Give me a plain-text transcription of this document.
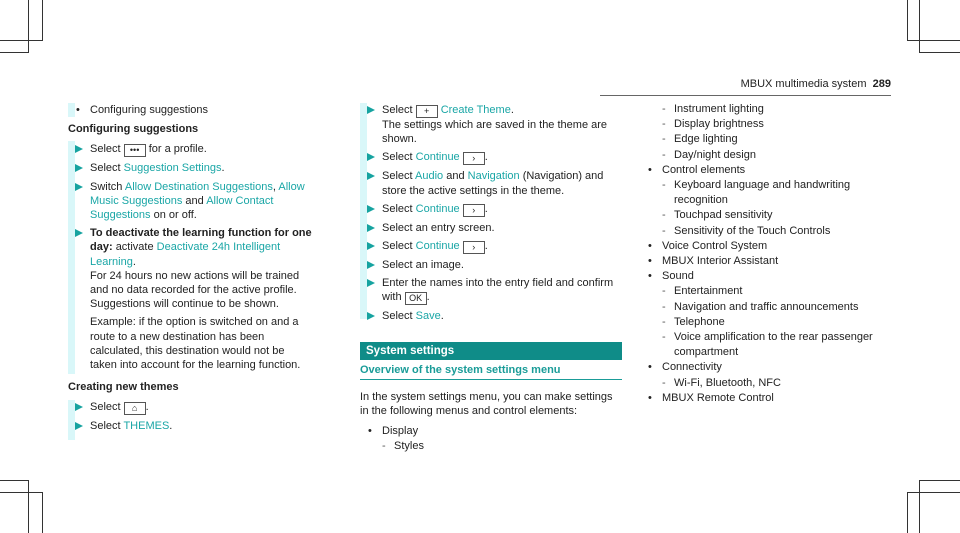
MBUX multimedia system 289
• Configuring suggestions
Configuring suggestions
Select ••• for a profile.
Select Suggestion Settings.
Switch Allow Destination Suggestions, Allow Music Suggestions and Allow Contact Suggestions on or off.
To deactivate the learning function for one day: activate Deactivate 24h Intelligent Learning.

For 24 hours no new actions will be trained and no data recorded for the active profile. Suggestions will continue to be shown.

Example: if the option is switched on and a route to a new destination has been calculated, this destination would not be taken into account for the learning function.

Creating new themes
Select ⌂ .
Select THEMES.
Select + Create Theme.
The settings which are saved in the theme are shown.
Select Continue › .
Select Audio and Navigation (Navigation) and store the active settings in the theme.
Select Continue › .
Select an entry screen.
Select Continue › .
Select an image.
Enter the names into the entry field and confirm with OK .
Select Save.
System settings
Overview of the system settings menu

In the system settings menu, you can make settings in the following menus and control elements:

• Display
- Styles
- Instrument lighting
- Display brightness
- Edge lighting
- Day/night design
• Control elements
- Keyboard language and handwriting recognition
- Touchpad sensitivity
- Sensitivity of the Touch Controls
• Voice Control System
• MBUX Interior Assistant
• Sound
- Entertainment
- Navigation and traffic announcements
- Telephone
- Voice amplification to the rear passenger compartment
• Connectivity
- Wi-Fi, Bluetooth, NFC
• MBUX Remote Control
